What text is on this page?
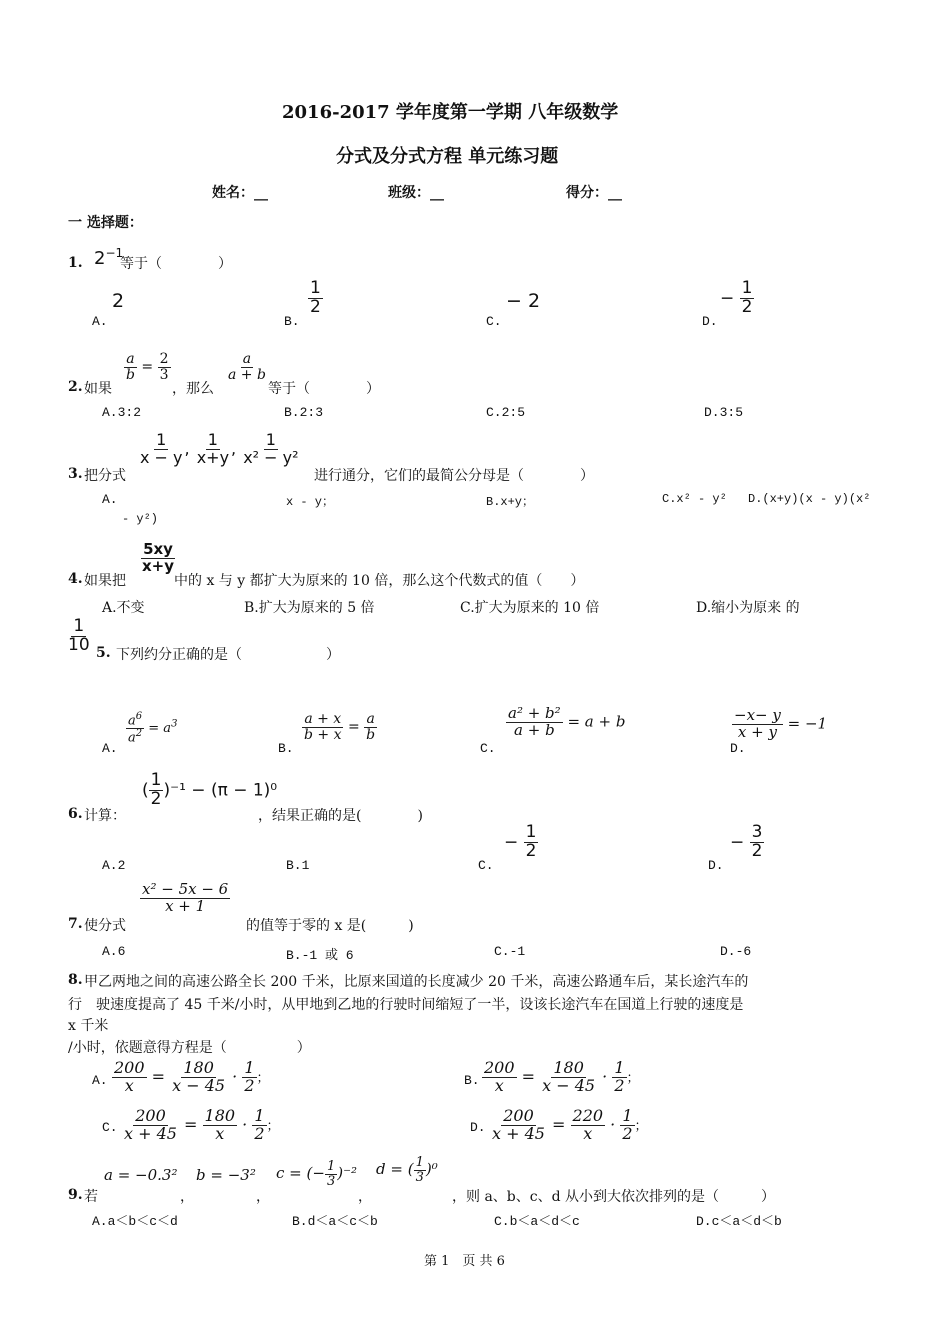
2016-2017 学年度第一学期 八年级数学
分式及分式方程 单元练习题
姓名：__	班级：__	得分：__
一 选择题：
1. $2^{-1}$
等于（　　　　）
A.
2
B.
$\frac{1}{2}$
C.
− 2
D.
− $\frac{1}{2}$
2. 如果
$\frac{a}{b} = \frac{2}{3}$
，那么
$\frac{a}{a + b}$
等于（　　　　）
A.3:2	B.2:3	C.2:5	D.3:5
3. 把分式
$\frac{1}{x - y}$ , $\frac{1}{x+y}$ , $\frac{1}{\text{x² − y²}}$
进行通分，它们的最简公分母是（　　　　）
A.	x - y；	B.x+y；	C.x² - y² D.(x+y)(x - y)(x²
- y²)
4. 如果把
$\frac{5xy}{x+y}$
中的 x 与 y 都扩大为原来的 10 倍，那么这个代数式的值（　　）
A.不变	B.扩大为原来的 5 倍	C.扩大为原来的 10 倍	D.缩小为原来 的
$\frac{1}{10} 5$. 下列约分正确的是（　　　　　　）
A.
$\frac{a^6}{a^2} = a^3$
B.
$\frac{a + x}{b + x} = \frac{a}{b}$
C.
$\frac{\text{a² + b²}}{a + b} = a + b$
D.
$\frac{-x- y}{x + y} = -1$
6. 计算：
( $\frac{1}{2} )^{-1} - (\pi - 1)^0$
，结果正确的是(　　　　)
A.2	B.1	C.
− $\frac{1}{2}$
D.
− $\frac{3}{2}$
7. 使分式
$\frac{\text{x² − 5x − 6}}{x + 1}$
的值等于零的 x 是(　　　)
A.6	B.-1 或 6	C.-1	D.-6
8. 甲乙两地之间的高速公路全长 200 千米，比原来国道的长度减少 20 千米，高速公路通车后，某长途汽车的
行　驶速度提高了 45 千米/小时，从甲地到乙地的行驶时间缩短了一半，设该长途汽车在国道上行驶的速度是
x 千米
/小时，依题意得方程是（　　　　　）
A. $\frac{200}{x} = \frac{180}{x - 45} \cdot \frac{1}{2}$ ；	B. $\frac{200}{x} = \frac{180}{x - 45} \cdot \frac{1}{2}$ ；
C. $\frac{200}{x + 45} = \frac{180}{x} \cdot \frac{1}{2}$ ；	D. $\frac{200}{x + 45} = \frac{220}{x} \cdot \frac{1}{2}$ ；
9. 若
a = −0.3²
，
b = −3²
，
c = (− $\frac{1}{3} )^{-2}$
，
d = ( $\frac{1}{3} )^0$
，则 a、b、c、d 从小到大依次排列的是（　　　）
A.a＜b＜c＜d	B.d＜a＜c＜b	C.b＜a＜d＜c	D.c＜a＜d＜b
第 1　页 共 6
